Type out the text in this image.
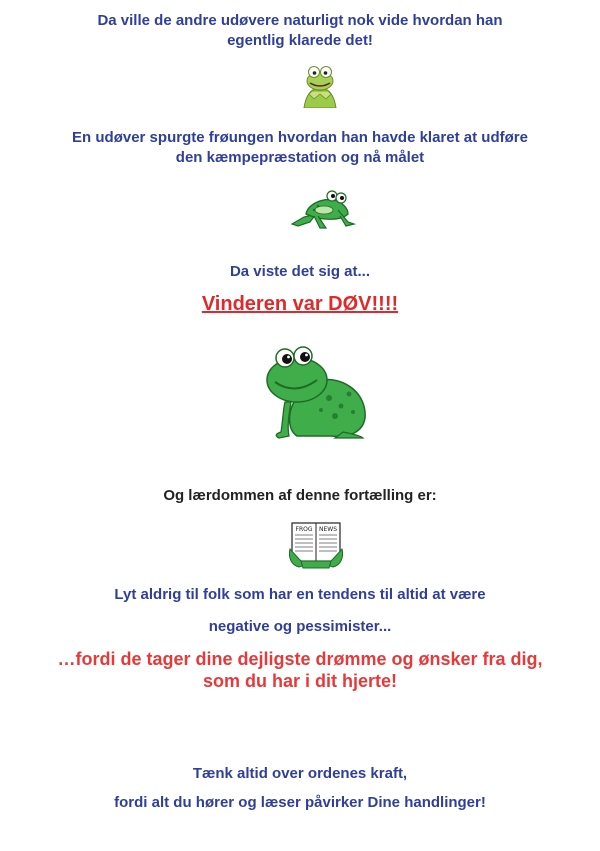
Da ville de andre udøvere naturligt nok vide hvordan han
egentlig klarede det!
En udøver spurgte frøungen hvordan han havde klaret at udføre
den kæmpepræstation og nå målet
Da viste det sig at...
Vinderen var DØV!!!!
Og lærdommen af denne fortælling er:
FROG NEWS
Lyt aldrig til folk som har en tendens til altid at være
negative og pessimister...
…fordi de tager dine dejligste drømme og ønsker fra dig,
som du har i dit hjerte!
Tænk altid over ordenes kraft,
fordi alt du hører og læser påvirker Dine handlinger!
